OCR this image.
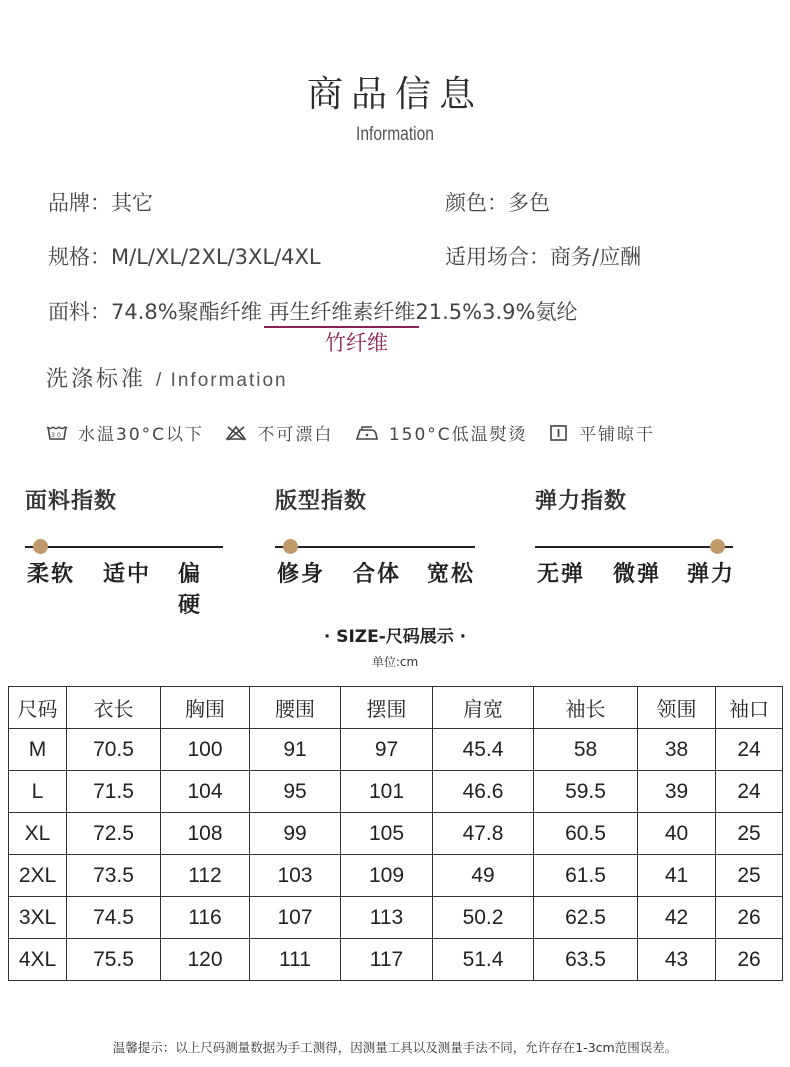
商品信息
Information
品牌：其它	颜色：多色
规格：M/L/XL/2XL/3XL/4XL	适用场合：商务/应酬
面料：74.8%聚酯纤维 再生纤维素纤维21.5%3.9%氨纶
竹纤维
洗涤标准 / Information
30 水温30°C以下
	不可漂白
	150°C低温熨烫
	平铺晾干
面料指数
柔软 适中 偏硬
版型指数
修身 合体 宽松
弹力指数
无弹 微弹 弹力
· SIZE-尺码展示 ·
单位:cm
尺码	衣长	胸围	腰围	摆围	肩宽	袖长	领围	袖口
M	70.5	100	91	97	45.4	58	38	24
L	71.5	104	95	101	46.6	59.5	39	24
XL	72.5	108	99	105	47.8	60.5	40	25
2XL	73.5	112	103	109	49	61.5	41	25
3XL	74.5	116	107	113	50.2	62.5	42	26
4XL	75.5	120	111	117	51.4	63.5	43	26
温馨提示：以上尺码测量数据为手工测得，因测量工具以及测量手法不同，允许存在1-3cm范围误差。
